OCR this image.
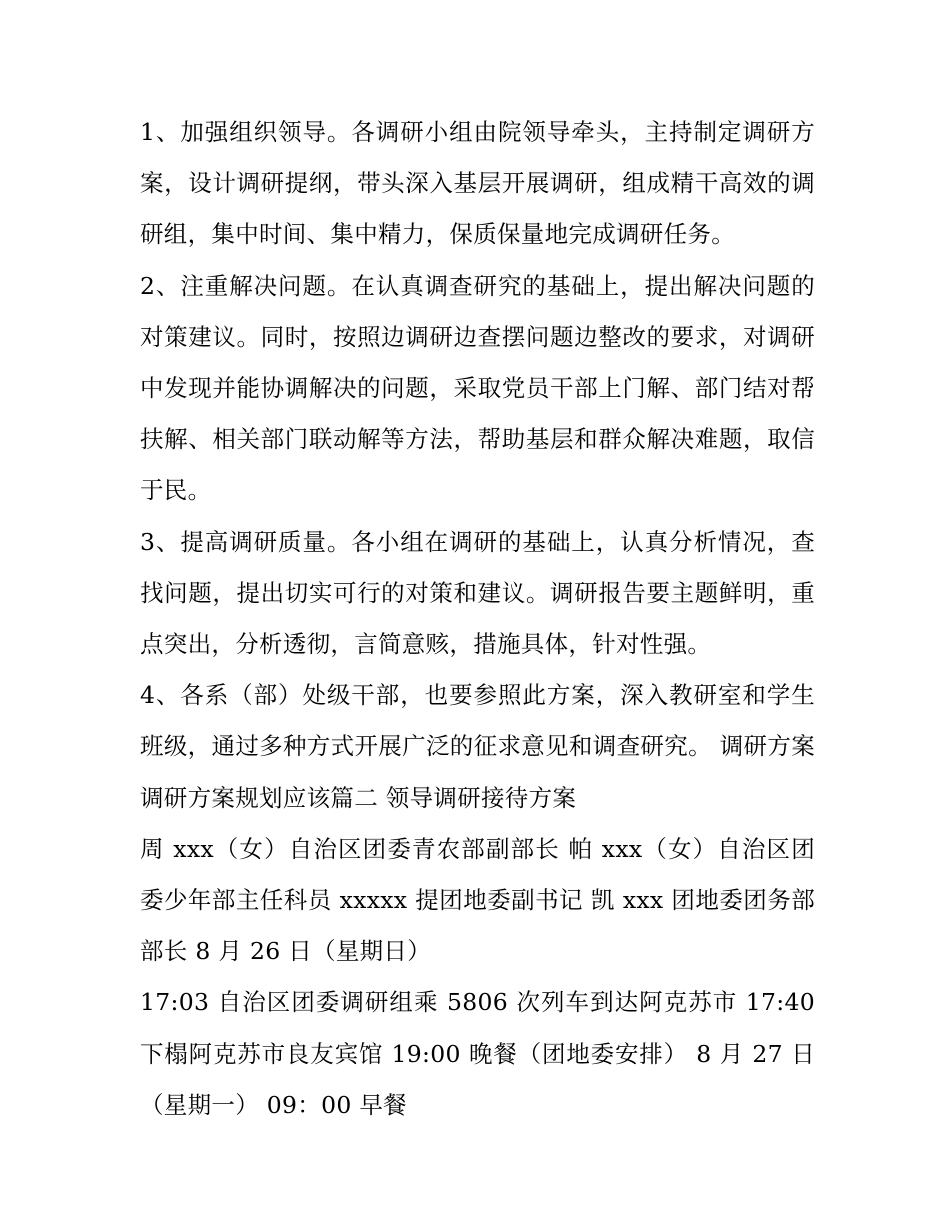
1、加强组织领导。各调研小组由院领导牵头，主持制定调研方案，设计调研提纲，带头深入基层开展调研，组成精干高效的调研组，集中时间、集中精力，保质保量地完成调研任务。

2、注重解决问题。在认真调查研究的基础上，提出解决问题的对策建议。同时，按照边调研边查摆问题边整改的要求，对调研中发现并能协调解决的问题，采取党员干部上门解、部门结对帮扶解、相关部门联动解等方法，帮助基层和群众解决难题，取信于民。

3、提高调研质量。各小组在调研的基础上，认真分析情况，查找问题，提出切实可行的对策和建议。调研报告要主题鲜明，重点突出，分析透彻，言简意赅，措施具体，针对性强。

4、各系（部）处级干部，也要参照此方案，深入教研室和学生班级，通过多种方式开展广泛的征求意见和调查研究。 调研方案 调研方案规划应该篇二 领导调研接待方案

周 xxx（女）自治区团委青农部副部长 帕 xxx（女）自治区团委少年部主任科员 xxxxx 提团地委副书记 凯 xxx 团地委团务部部长 8 月 26 日（星期日）

17:03 自治区团委调研组乘 5806 次列车到达阿克苏市 17:40 下榻阿克苏市良友宾馆 19:00 晚餐（团地委安排） 8 月 27 日（星期一） 09：00 早餐
